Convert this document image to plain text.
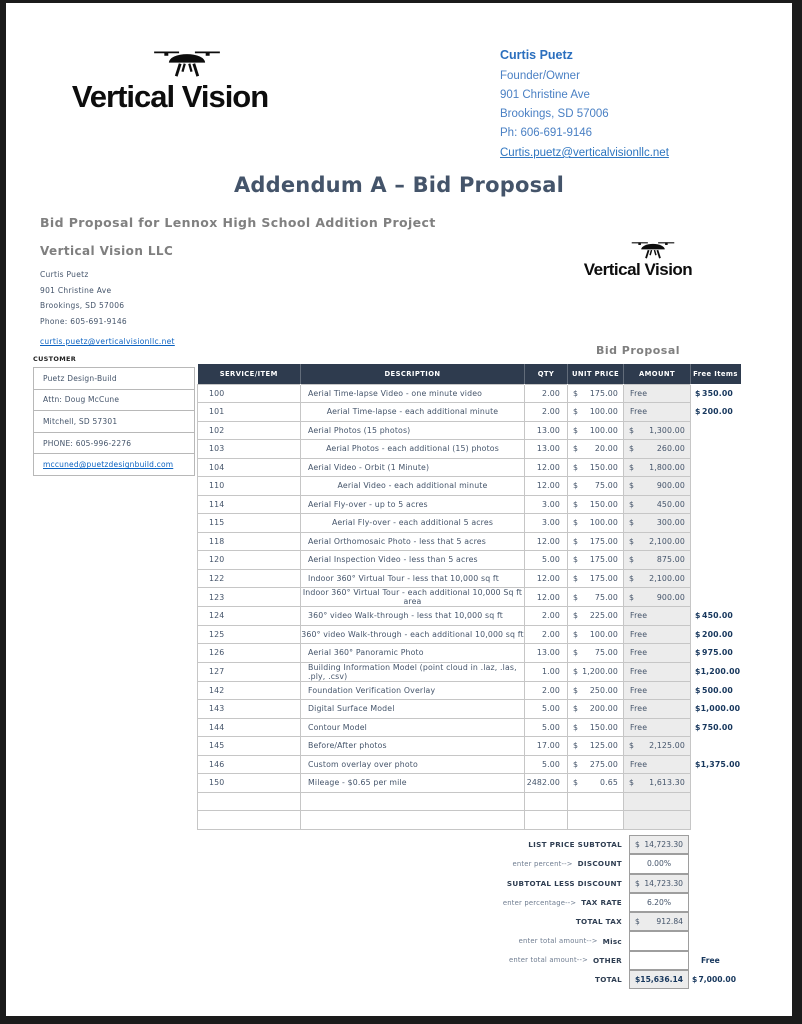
Vertical Vision
Curtis Puetz
Founder/Owner
901 Christine Ave
Brookings, SD 57006
Ph: 606-691-9146
Curtis.puetz@verticalvisionllc.net
Addendum A – Bid Proposal
Bid Proposal for Lennox High School Addition Project
Vertical Vision LLC
Curtis Puetz
901 Christine Ave
Brookings, SD 57006
Phone: 605-691-9146
curtis.puetz@verticalvisionllc.net
Vertical Vision
Bid Proposal
CUSTOMER
Puetz Design-Build
Attn: Doug McCune
Mitchell, SD 57301
PHONE: 605-996-2276
mccuned@puetzdesignbuild.com
SERVICE/ITEM	DESCRIPTION	QTY	UNIT PRICE	AMOUNT	Free Items
100	Aerial Time-lapse Video - one minute video	2.00	$ 175.00	Free	$ 350.00

101	Aerial Time-lapse - each additional minute	2.00	$ 100.00	Free	$ 200.00

102	Aerial Photos (15 photos)	13.00	$ 100.00	$ 1,300.00	

103	Aerial Photos - each additional (15) photos	13.00	$ 20.00	$ 260.00	

104	Aerial Video - Orbit (1 Minute)	12.00	$ 150.00	$ 1,800.00	

110	Aerial Video - each additional minute	12.00	$ 75.00	$ 900.00	

114	Aerial Fly-over - up to 5 acres	3.00	$ 150.00	$ 450.00	

115	Aerial Fly-over - each additional 5 acres	3.00	$ 100.00	$ 300.00	

118	Aerial Orthomosaic Photo - less that 5 acres	12.00	$ 175.00	$ 2,100.00	

120	Aerial Inspection Video - less than 5 acres	5.00	$ 175.00	$ 875.00	

122	Indoor 360° Virtual Tour - less that 10,000 sq ft	12.00	$ 175.00	$ 2,100.00	

123	Indoor 360° Virtual Tour - each additional 10,000 Sq ft area	12.00	$ 75.00	$ 900.00	

124	360° video Walk-through - less that 10,000 sq ft	2.00	$ 225.00	Free	$ 450.00

125	360° video Walk-through - each additional 10,000 sq ft	2.00	$ 100.00	Free	$ 200.00

126	Aerial 360° Panoramic Photo	13.00	$ 75.00	Free	$ 975.00

127	Building Information Model (point cloud in .laz, .las, .ply, .csv)	1.00	$ 1,200.00	Free	$ 1,200.00

142	Foundation Verification Overlay	2.00	$ 250.00	Free	$ 500.00

143	Digital Surface Model	5.00	$ 200.00	Free	$ 1,000.00

144	Contour Model	5.00	$ 150.00	Free	$ 750.00

145	Before/After photos	17.00	$ 125.00	$ 2,125.00	

146	Custom overlay over photo	5.00	$ 275.00	Free	$ 1,375.00

150	Mileage - $0.65 per mile	2482.00	$ 0.65	$ 1,613.30	

LIST PRICE SUBTOTAL $ 14,723.30
enter percent--> DISCOUNT	0.00%
SUBTOTAL LESS DISCOUNT $ 14,723.30
enter percentage--> TAX RATE	6.20%
TOTAL TAX $ 912.84
enter total amount--> Misc
enter total amount--> OTHER	Free
TOTAL $ 15,636.14 $ 7,000.00
